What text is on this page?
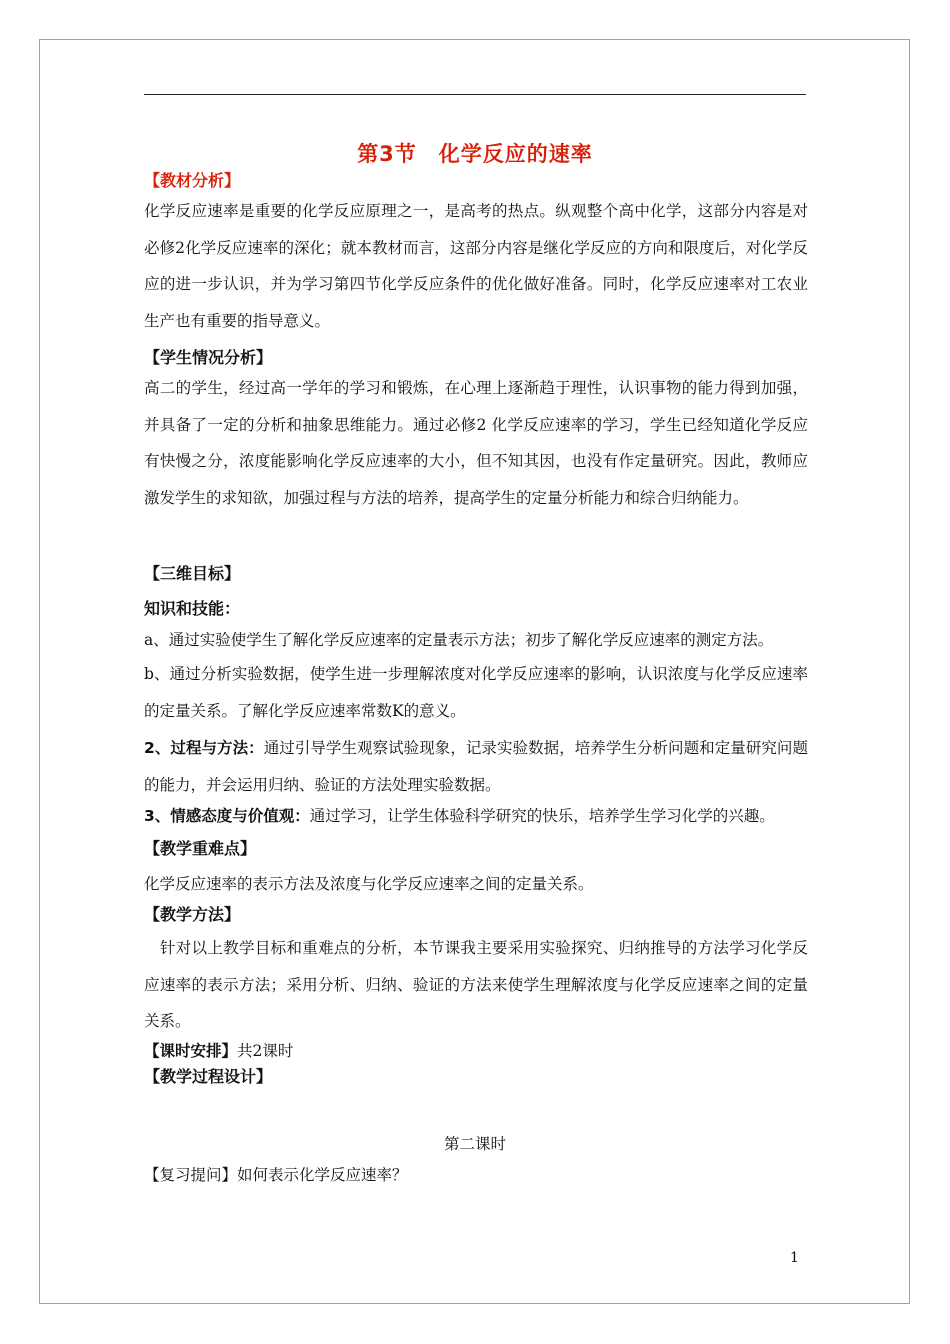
第3节　化学反应的速率
【教材分析】
化学反应速率是重要的化学反应原理之一，是高考的热点。纵观整个高中化学，这部分内容是对必修2化学反应速率的深化；就本教材而言，这部分内容是继化学反应的方向和限度后，对化学反应的进一步认识，并为学习第四节化学反应条件的优化做好准备。同时，化学反应速率对工农业生产也有重要的指导意义。
【学生情况分析】
高二的学生，经过高一学年的学习和锻炼，在心理上逐渐趋于理性，认识事物的能力得到加强，并具备了一定的分析和抽象思维能力。通过必修2 化学反应速率的学习，学生已经知道化学反应有快慢之分，浓度能影响化学反应速率的大小，但不知其因，也没有作定量研究。因此，教师应激发学生的求知欲，加强过程与方法的培养，提高学生的定量分析能力和综合归纳能力。
【三维目标】
知识和技能：
a、通过实验使学生了解化学反应速率的定量表示方法；初步了解化学反应速率的测定方法。
b、通过分析实验数据，使学生进一步理解浓度对化学反应速率的影响，认识浓度与化学反应速率的定量关系。了解化学反应速率常数K的意义。
2、过程与方法：通过引导学生观察试验现象，记录实验数据，培养学生分析问题和定量研究问题的能力，并会运用归纳、验证的方法处理实验数据。
3、情感态度与价值观：通过学习，让学生体验科学研究的快乐，培养学生学习化学的兴趣。
【教学重难点】
化学反应速率的表示方法及浓度与化学反应速率之间的定量关系。
【教学方法】
针对以上教学目标和重难点的分析，本节课我主要采用实验探究、归纳推导的方法学习化学反应速率的表示方法；采用分析、归纳、验证的方法来使学生理解浓度与化学反应速率之间的定量关系。
【课时安排】共2课时
【教学过程设计】
第二课时
【复习提问】如何表示化学反应速率？
1
